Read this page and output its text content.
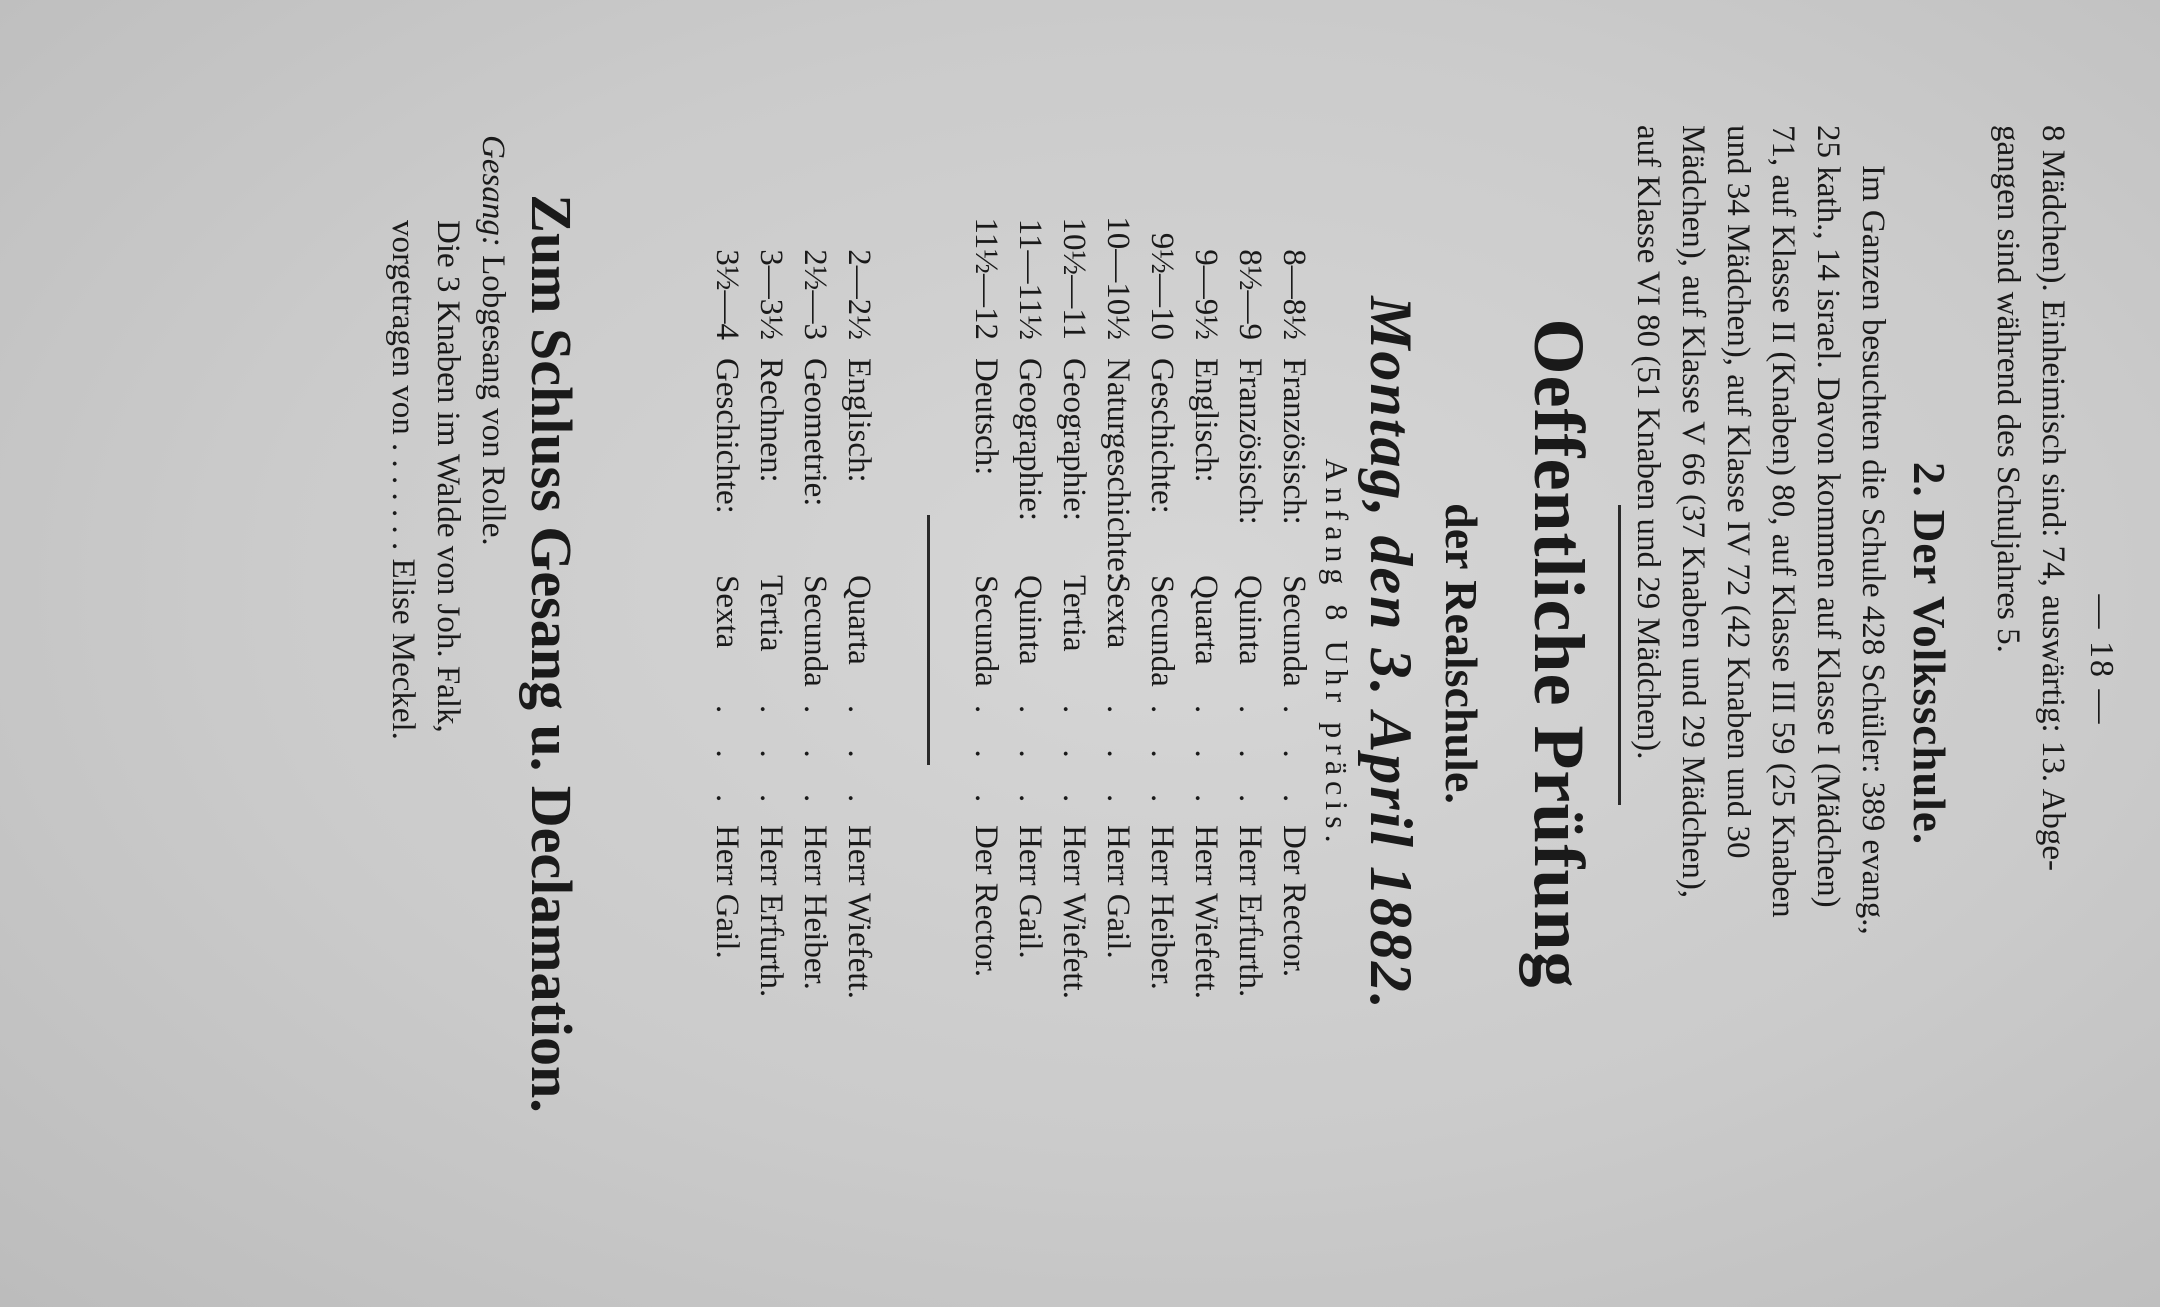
— 18 —
8 Mädchen). Einheimisch sind: 74, auswärtig: 13. Abge-
gangen sind während des Schuljahres 5.
2. Der Volksschule.
Im Ganzen besuchten die Schule 428 Schüler: 389 evang.,
25 kath., 14 israel. Davon kommen auf Klasse I (Mädchen)
71, auf Klasse II (Knaben) 80, auf Klasse III 59 (25 Knaben
und 34 Mädchen), auf Klasse IV 72 (42 Knaben und 30
Mädchen), auf Klasse V 66 (37 Knaben und 29 Mädchen),
auf Klasse VI 80 (51 Knaben und 29 Mädchen).
Oeffentliche Prüfung
der Realschule.
Montag, den 3. April 1882.
Anfang 8 Uhr präcis.
8—8½
Französisch:
Secunda
. . .
Der Rector.
8½—9
Französisch:
Quinta
. . .
Herr Erfurth.
9—9½
Englisch:
Quarta
. . .
Herr Wiefett.
9½—10
Geschichte:
Secunda
. . .
Herr Heiber.
10—10½
Naturgeschichte:
Sexta
. . .
Herr Gail.
10½—11
Geographie:
Tertia
. . .
Herr Wiefett.
11—11½
Geographie:
Quinta
. . .
Herr Gail.
11½—12
Deutsch:
Secunda
. . .
Der Rector.
2—2½
Englisch:
Quarta
. . .
Herr Wiefett.
2½—3
Geometrie:
Secunda
. . .
Herr Heiber.
3—3½
Rechnen:
Tertia
. . .
Herr Erfurth.
3½—4
Geschichte:
Sexta
. . .
Herr Gail.
Zum Schluss Gesang u. Declamation.
Gesang: Lobgesang von Rolle.
Die 3 Knaben im Walde von Joh. Falk,
vorgetragen von . . . . . . . Elise Meckel.
